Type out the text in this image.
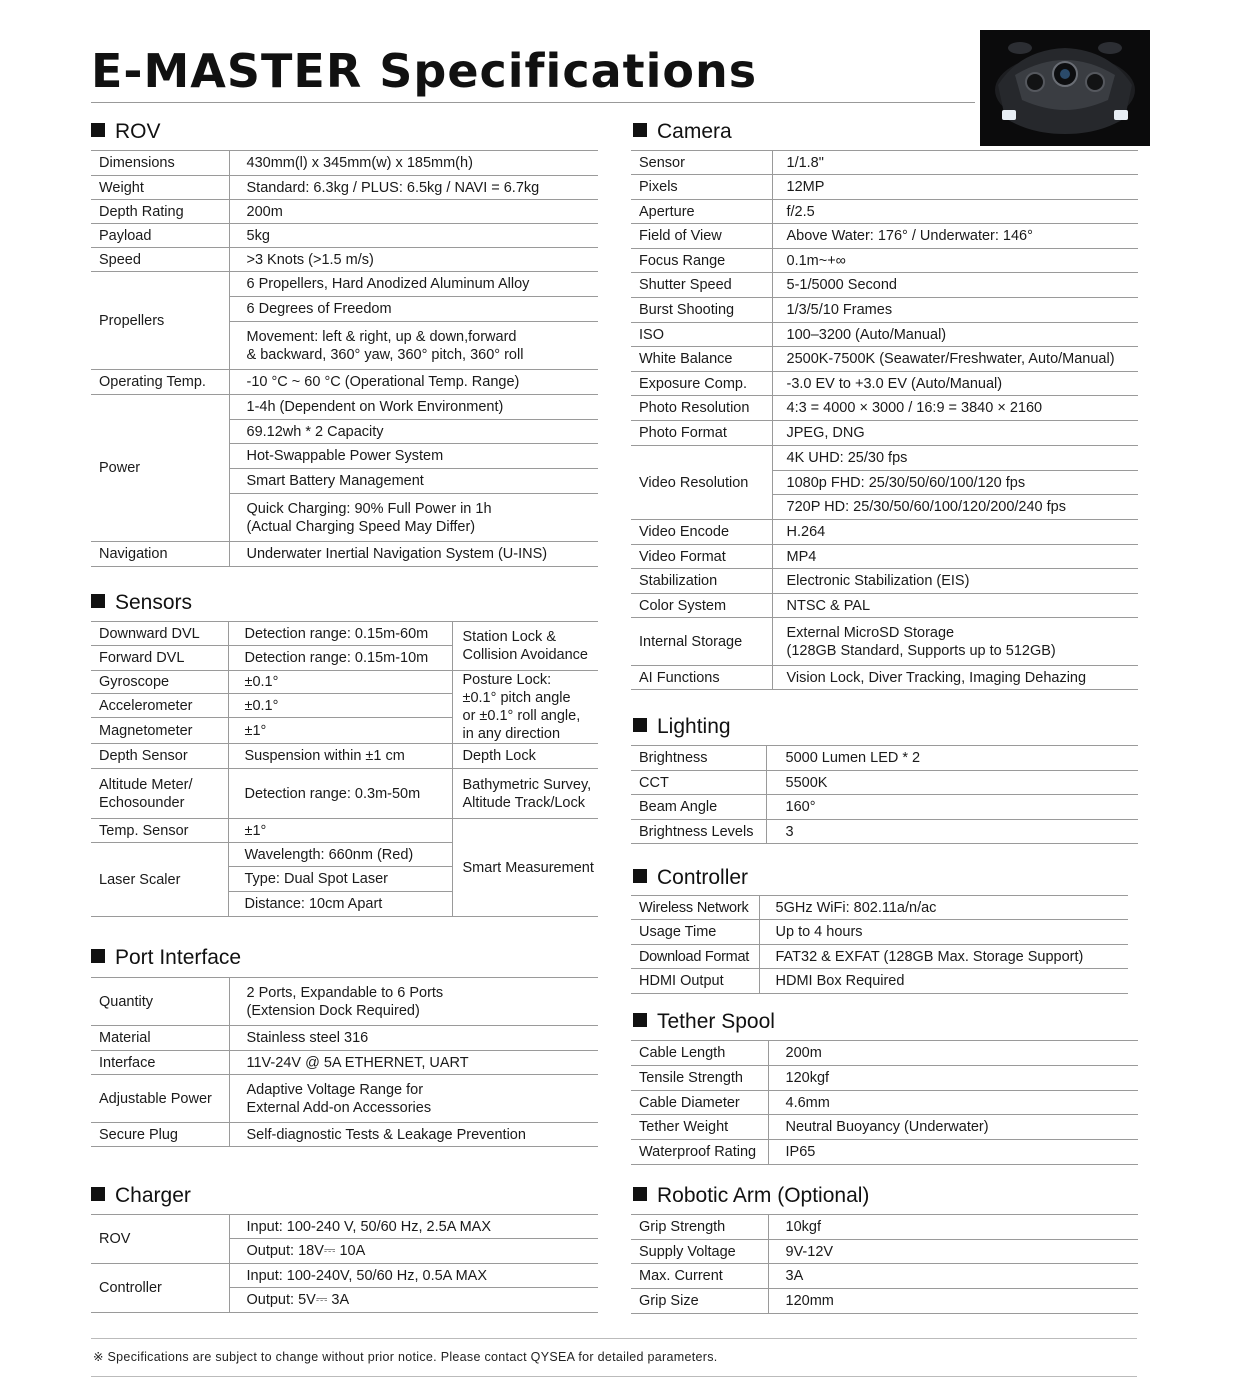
E-MASTER Specifications
ROV
Dimensions	430mm(l) x 345mm(w) x 185mm(h)
Weight	Standard: 6.3kg / PLUS: 6.5kg / NAVI = 6.7kg
Depth Rating	200m
Payload	5kg
Speed	>3 Knots (>1.5 m/s)
Propellers	6 Propellers, Hard Anodized Aluminum Alloy
	6 Degrees of Freedom
	Movement: left & right, up & down,forward
& backward, 360° yaw, 360° pitch, 360° roll
Operating Temp.	-10 °C ~ 60 °C (Operational Temp. Range)
Power	1-4h (Dependent on Work Environment)
	69.12wh * 2 Capacity
	Hot-Swappable Power System
	Smart Battery Management
	Quick Charging: 90% Full Power in 1h
(Actual Charging Speed May Differ)
Navigation	Underwater Inertial Navigation System (U-INS)
Sensors
Downward DVL	Detection range: 0.15m-60m	Station Lock &
Collision Avoidance
Forward DVL	Detection range: 0.15m-10m	
Gyroscope	±0.1°	Posture Lock:
±0.1° pitch angle
or ±0.1° roll angle,
in any direction
Accelerometer	±0.1°	
Magnetometer	±1°	
Depth Sensor	Suspension within ±1 cm	Depth Lock
Altitude Meter/
Echosounder	Detection range: 0.3m-50m	Bathymetric Survey,
Altitude Track/Lock
Temp. Sensor	±1°	Smart Measurement
Laser Scaler	Wavelength: 660nm (Red)	
	Type: Dual Spot Laser	
	Distance: 10cm Apart	
Port Interface
Quantity	2 Ports, Expandable to 6 Ports
(Extension Dock Required)
Material	Stainless steel 316
Interface	11V-24V @ 5A ETHERNET, UART
Adjustable Power	Adaptive Voltage Range for
External Add-on Accessories
Secure Plug	Self-diagnostic Tests & Leakage Prevention
Charger
ROV	Input: 100-240 V, 50/60 Hz, 2.5A MAX
	Output: 18V⎓ 10A
Controller	Input: 100-240V, 50/60 Hz, 0.5A MAX
	Output: 5V⎓ 3A
Camera
Sensor	1/1.8"
Pixels	12MP
Aperture	f/2.5
Field of View	Above Water: 176° / Underwater: 146°
Focus Range	0.1m~+∞
Shutter Speed	5-1/5000 Second
Burst Shooting	1/3/5/10 Frames
ISO	100–3200 (Auto/Manual)
White Balance	2500K-7500K (Seawater/Freshwater, Auto/Manual)
Exposure Comp.	-3.0 EV to +3.0 EV (Auto/Manual)
Photo Resolution	4:3 = 4000 × 3000 / 16:9 = 3840 × 2160
Photo Format	JPEG, DNG
Video Resolution	4K UHD: 25/30 fps
	1080p FHD: 25/30/50/60/100/120 fps
	720P HD: 25/30/50/60/100/120/200/240 fps
Video Encode	H.264
Video Format	MP4
Stabilization	Electronic Stabilization (EIS)
Color System	NTSC & PAL
Internal Storage	External MicroSD Storage
(128GB Standard, Supports up to 512GB)
AI Functions	Vision Lock, Diver Tracking, Imaging Dehazing
Lighting
Brightness	5000 Lumen LED * 2
CCT	5500K
Beam Angle	160°
Brightness Levels	3
Controller
Wireless Network	5GHz WiFi: 802.11a/n/ac
Usage Time	Up to 4 hours
Download Format	FAT32 & EXFAT (128GB Max. Storage Support)
HDMI Output	HDMI Box Required
Tether Spool
Cable Length	200m
Tensile Strength	120kgf
Cable Diameter	4.6mm
Tether Weight	Neutral Buoyancy (Underwater)
Waterproof Rating	IP65
Robotic Arm (Optional)
Grip Strength	10kgf
Supply Voltage	9V-12V
Max. Current	3A
Grip Size	120mm
※ Specifications are subject to change without prior notice. Please contact QYSEA for detailed parameters.
